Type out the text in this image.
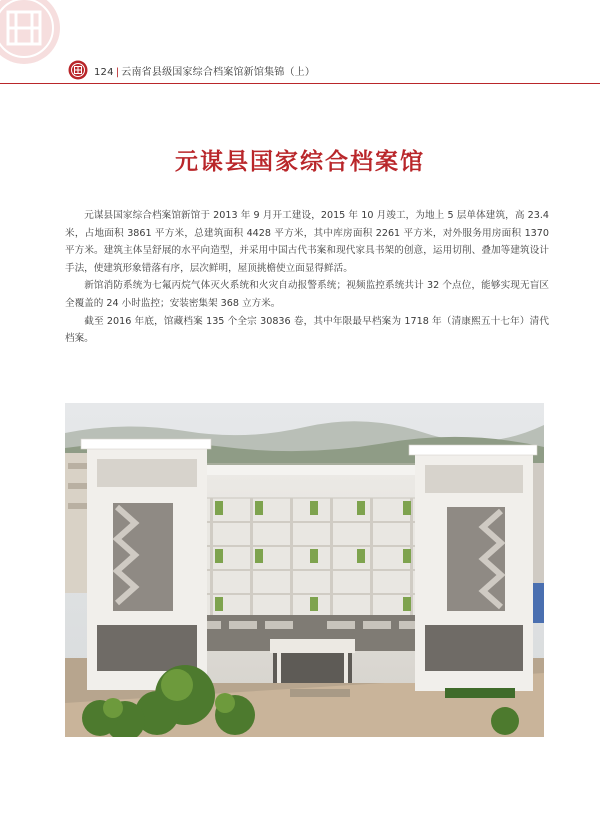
124 | 云南省县级国家综合档案馆新馆集锦（上）
元谋县国家综合档案馆

元谋县国家综合档案馆新馆于 2013 年 9 月开工建设，2015 年 10 月竣工，为地上 5 层单体建筑，高 23.4 米，占地面积 3861 平方米，总建筑面积 4428 平方米，其中库房面积 2261 平方米，对外服务用房面积 1370 平方米。建筑主体呈舒展的水平向造型，并采用中国古代书案和现代家具书架的创意，运用切削、叠加等建筑设计手法，使建筑形象错落有序，层次鲜明，屋顶挑檐使立面显得鲜活。

新馆消防系统为七氟丙烷气体灭火系统和火灾自动报警系统；视频监控系统共计 32 个点位，能够实现无盲区全覆盖的 24 小时监控；安装密集架 368 立方米。

截至 2016 年底，馆藏档案 135 个全宗 30836 卷，其中年限最早档案为 1718 年（清康熙五十七年）清代档案。
